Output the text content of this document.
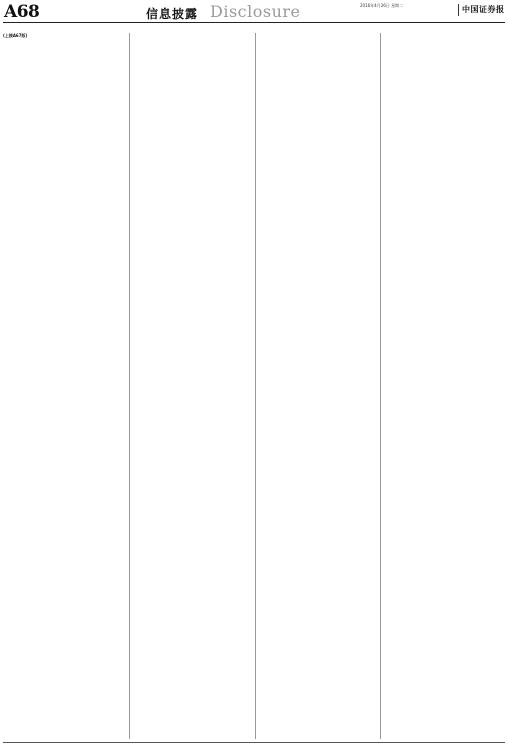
A68	信息披露 Disclosure	2016年4月26日 星期二	中国证券报
(上接A67版)
